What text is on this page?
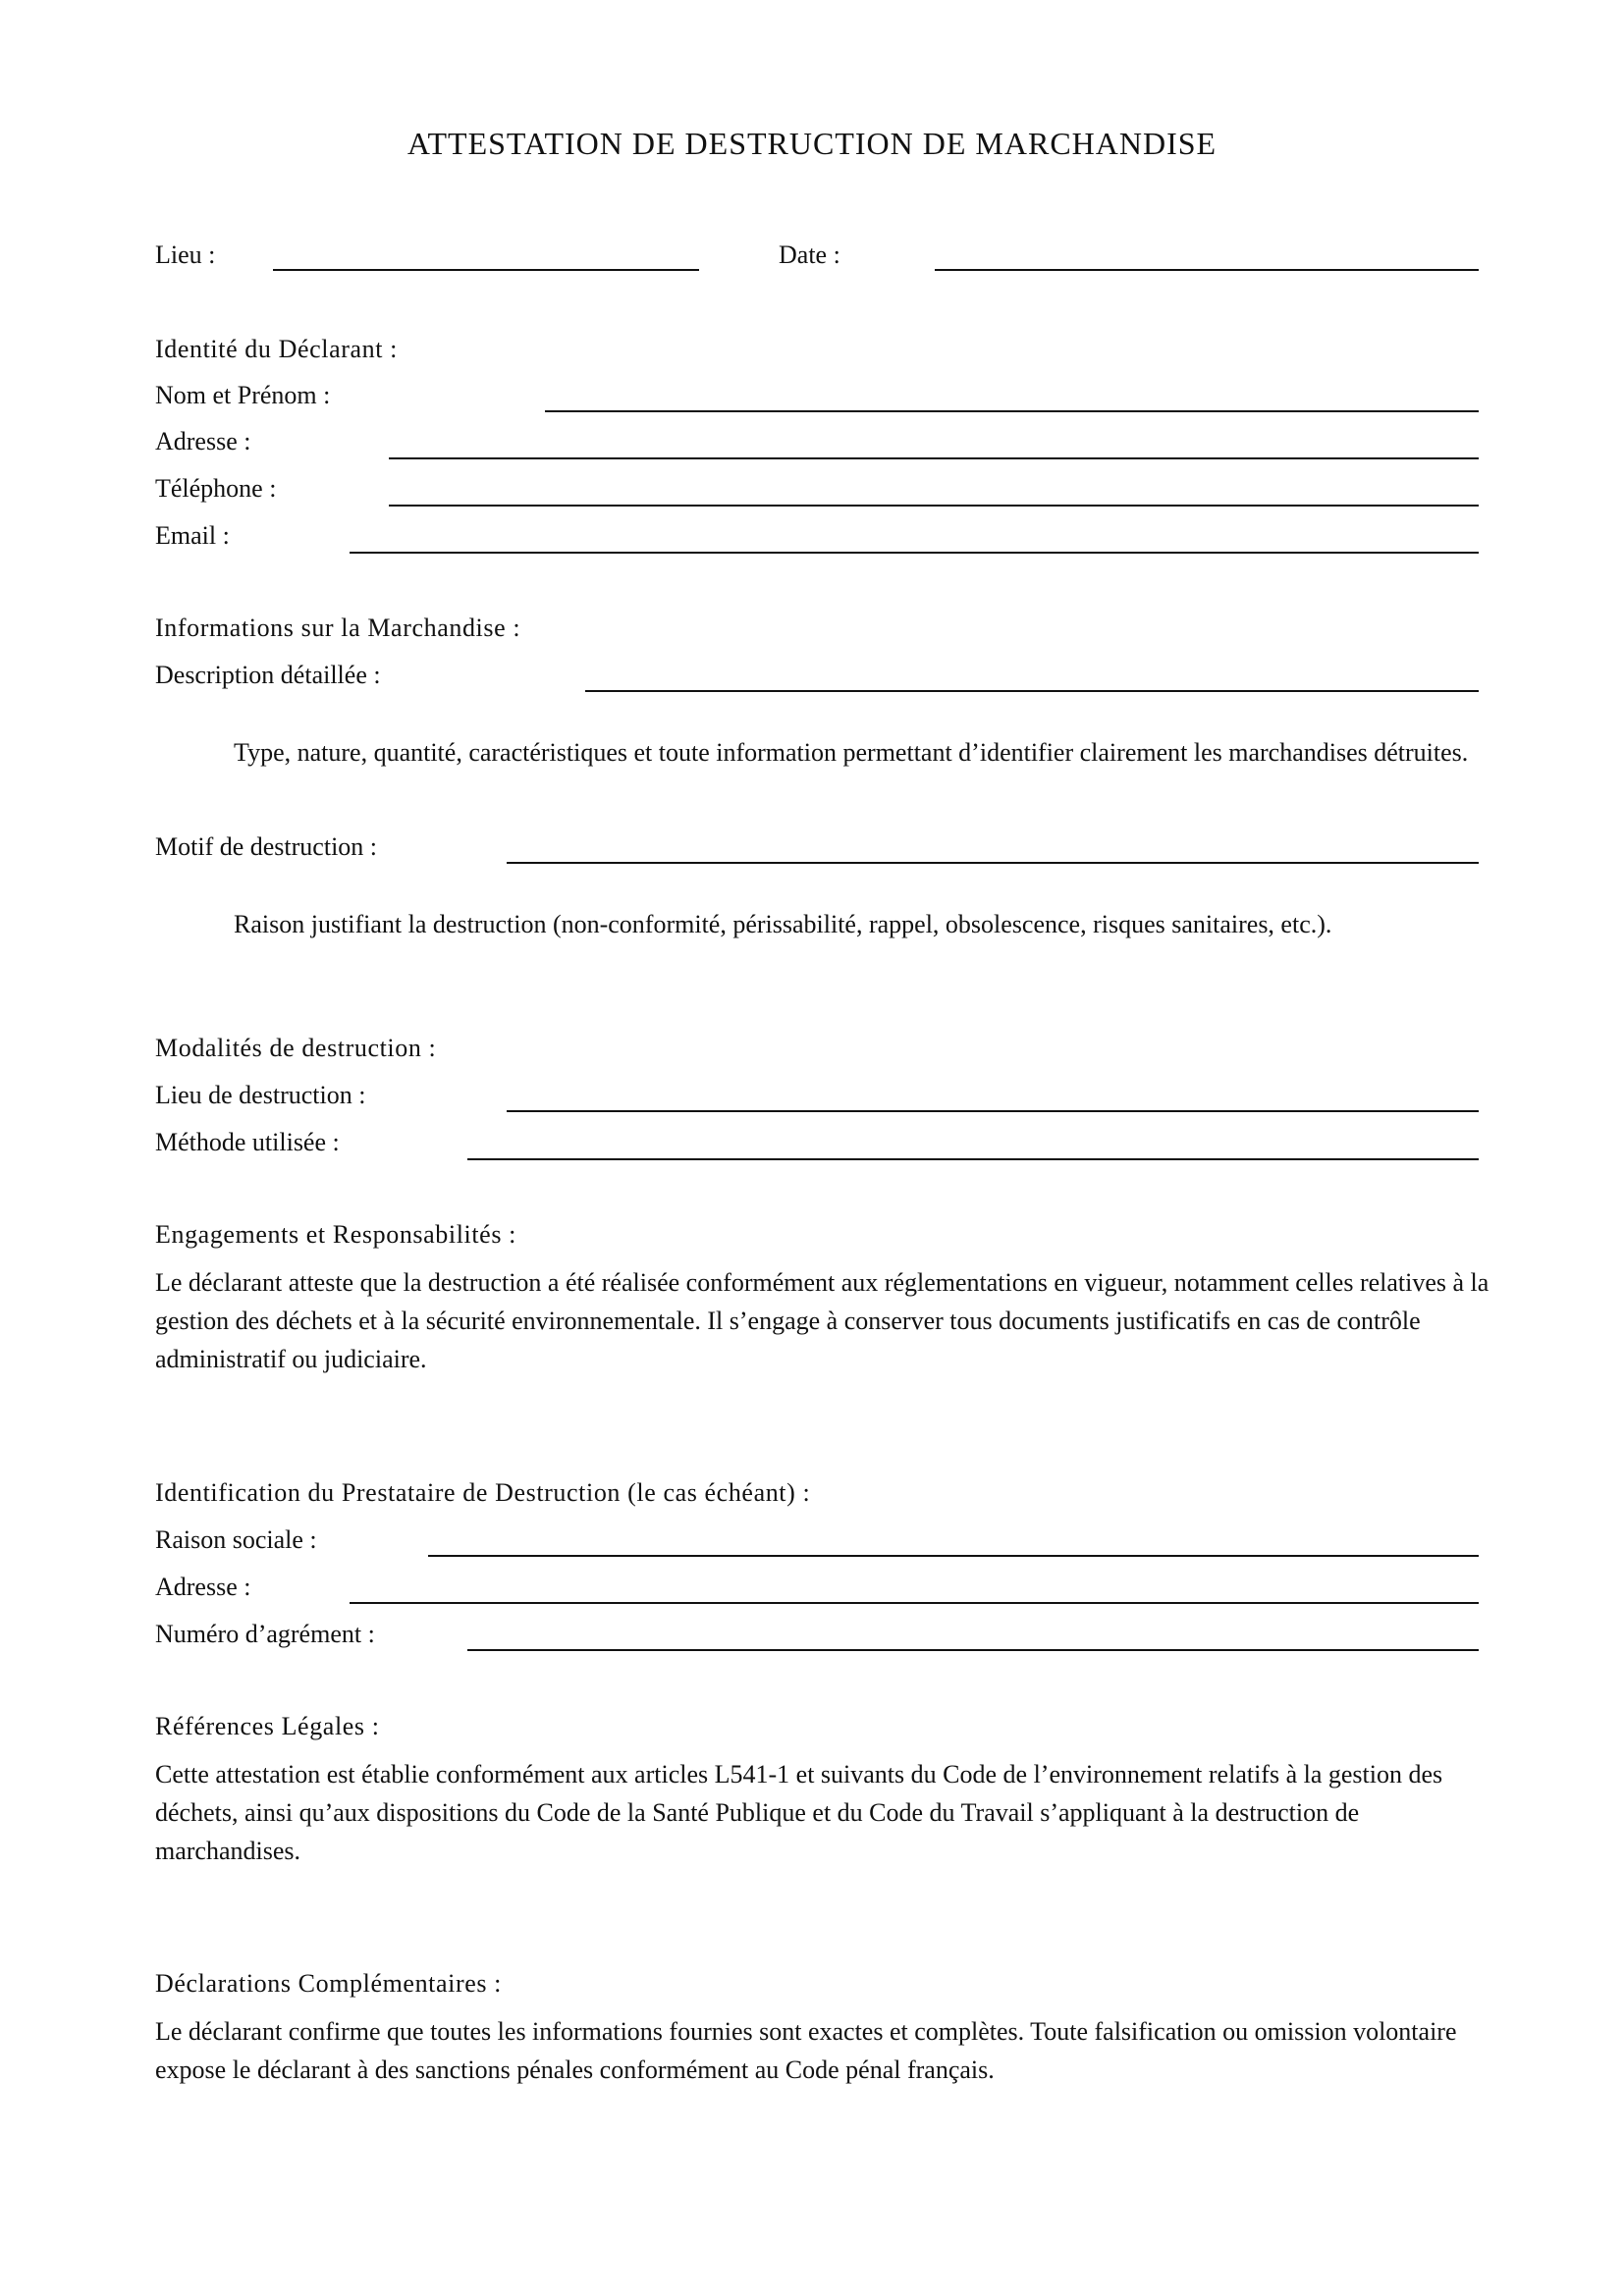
ATTESTATION DE DESTRUCTION DE MARCHANDISE
Lieu :	Date :
Identité du Déclarant :
Nom et Prénom :
Adresse :
Téléphone :
Email :
Informations sur la Marchandise :
Description détaillée :
Type, nature, quantité, caractéristiques et toute information permettant d’identifier clairement les marchandises détruites.
Motif de destruction :
Raison justifiant la destruction (non-conformité, périssabilité, rappel, obsolescence, risques sanitaires, etc.).
Modalités de destruction :
Lieu de destruction :
Méthode utilisée :
Engagements et Responsabilités :
Le déclarant atteste que la destruction a été réalisée conformément aux réglementations en vigueur, notamment celles relatives à la gestion des déchets et à la sécurité environnementale. Il s’engage à conserver tous documents justificatifs en cas de contrôle administratif ou judiciaire.
Identification du Prestataire de Destruction (le cas échéant) :
Raison sociale :
Adresse :
Numéro d’agrément :
Références Légales :
Cette attestation est établie conformément aux articles L541-1 et suivants du Code de l’environnement relatifs à la gestion des déchets, ainsi qu’aux dispositions du Code de la Santé Publique et du Code du Travail s’appliquant à la destruction de marchandises.
Déclarations Complémentaires :
Le déclarant confirme que toutes les informations fournies sont exactes et complètes. Toute falsification ou omission volontaire expose le déclarant à des sanctions pénales conformément au Code pénal français.
